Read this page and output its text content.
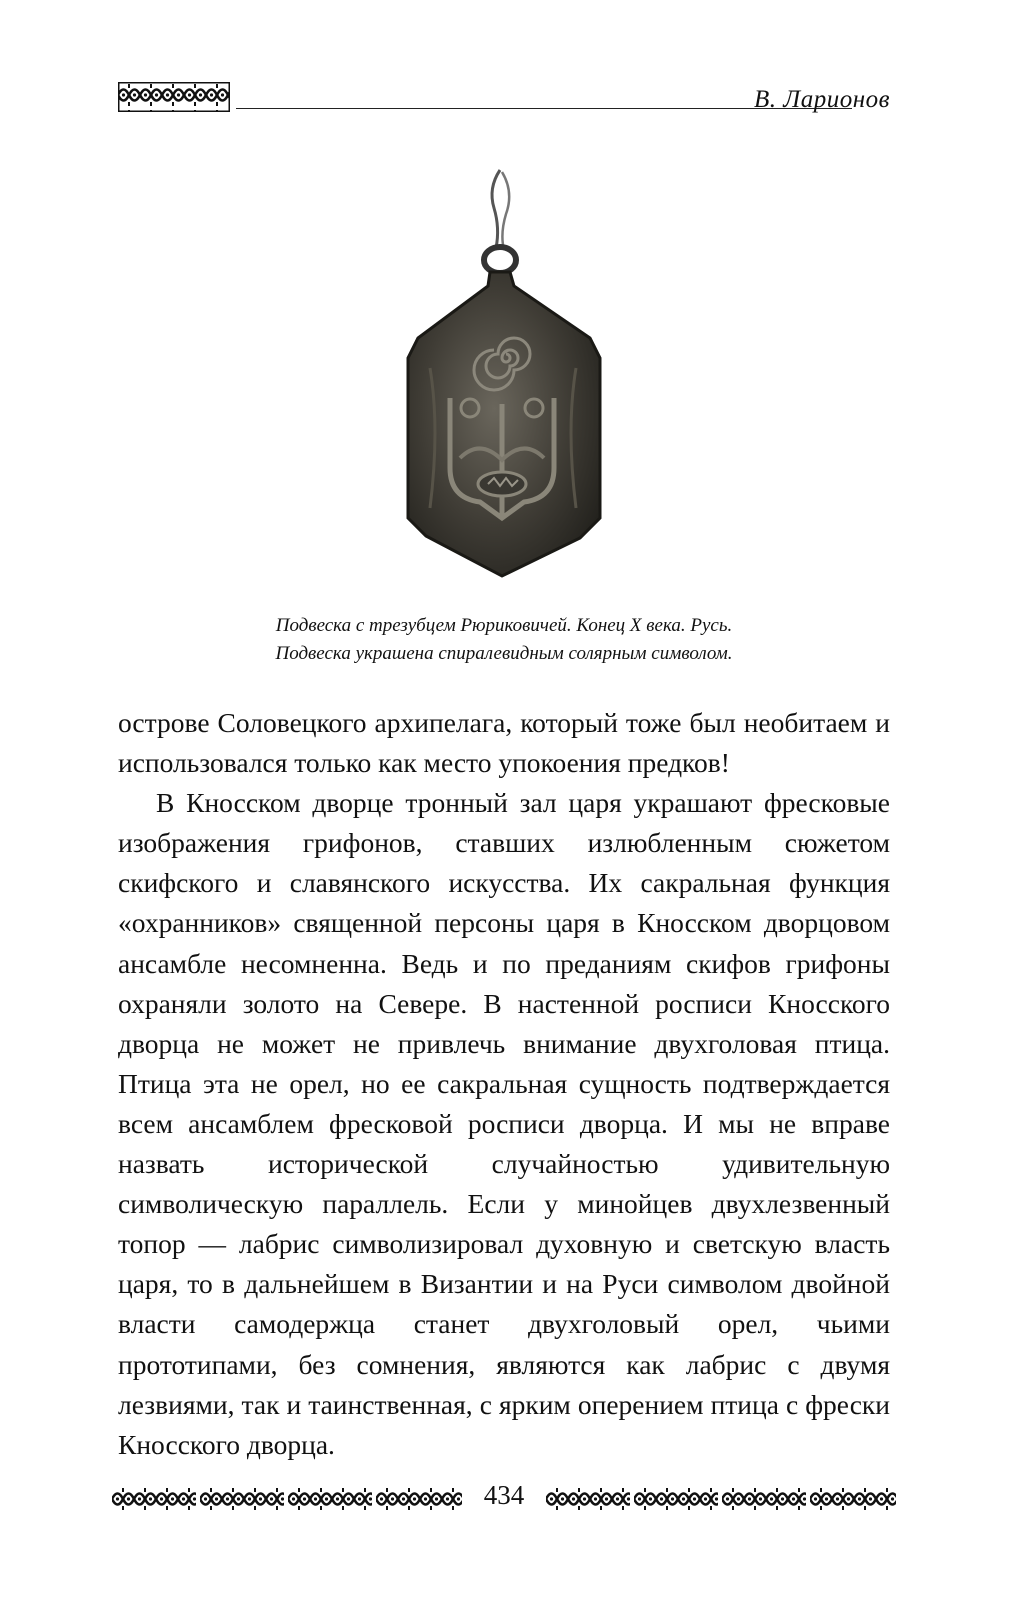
В. Ларионов
Подвеска с трезубцем Рюриковичей. Конец X века. Русь.
Подвеска украшена спиралевидным солярным символом.

острове Соловецкого архипелага, который тоже был необитаем и использовался только как место упокоения предков!

В Кносском дворце тронный зал царя украшают фресковые изображения грифонов, ставших излюбленным сюжетом скифского и славянского искусства. Их сакральная функция «охранников» священной персоны царя в Кносском дворцовом ансамбле несомненна. Ведь и по преданиям скифов грифоны охраняли золото на Севере. В настенной росписи Кносского дворца не может не привлечь внимание двухголовая птица. Птица эта не орел, но ее сакральная сущность подтверждается всем ансамблем фресковой росписи дворца. И мы не вправе назвать исторической случайностью удивительную символическую параллель. Если у минойцев двухлезвенный топор — лабрис символизировал духовную и светскую власть царя, то в дальнейшем в Византии и на Руси символом двойной власти самодержца станет двухголовый орел, чьими прототипами, без сомнения, являются как лабрис с двумя лезвиями, так и таинственная, с ярким оперением птица с фрески Кносского дворца.

434
